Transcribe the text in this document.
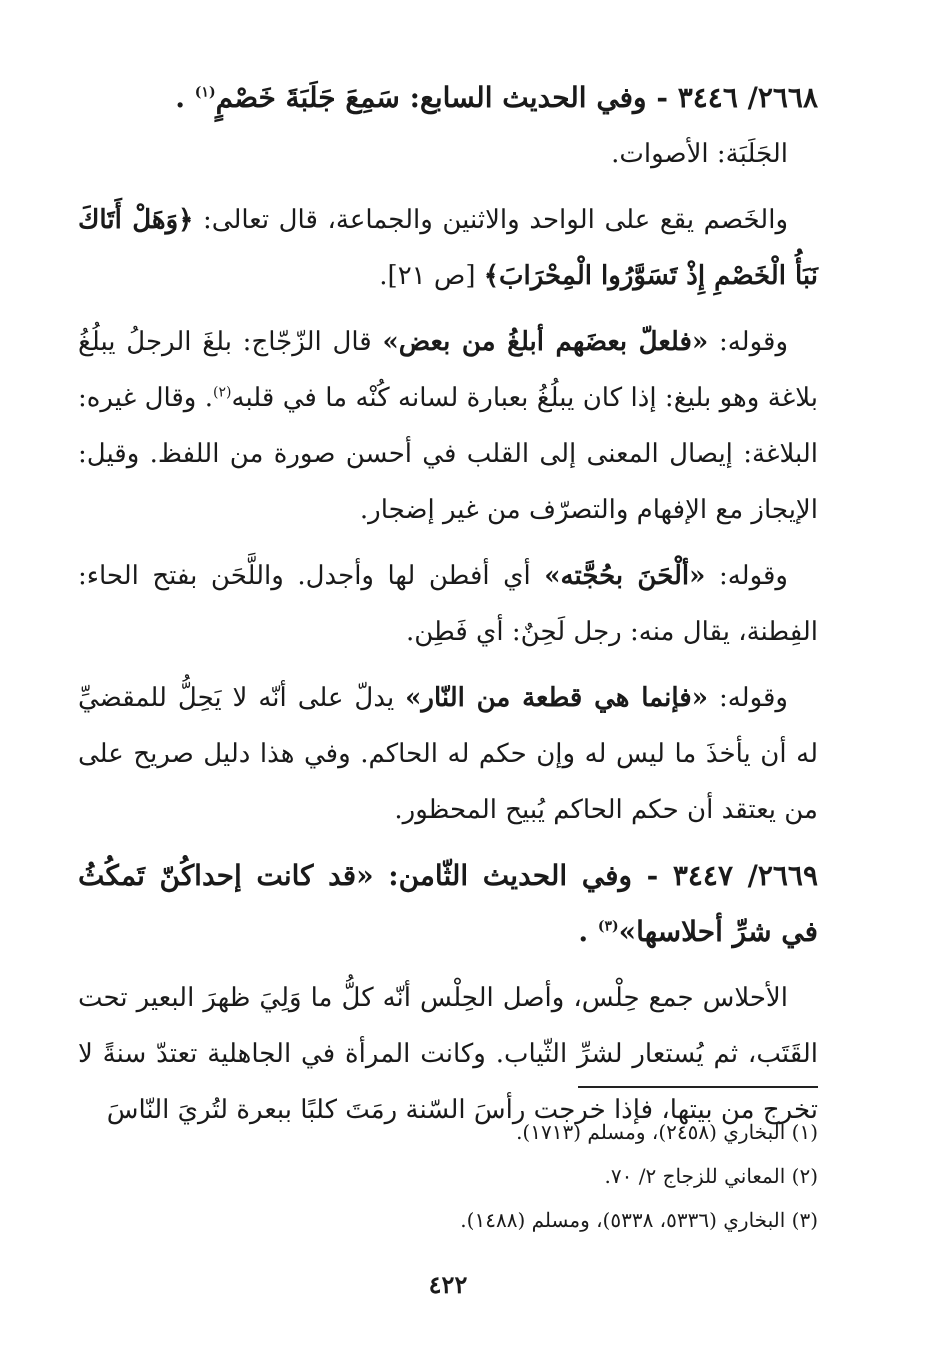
٢٦٦٨/ ٣٤٤٦ - وفي الحديث السابع: سَمِعَ جَلَبَةَ خَصْمٍ$^{(١)}$ .

الجَلَبَة: الأصوات.

والخَصم يقع على الواحد والاثنين والجماعة، قال تعالى: ﴿وَهَلْ أَتَاكَ نَبَأُ الْخَصْمِ إِذْ تَسَوَّرُوا الْمِحْرَابَ﴾ [ص ٢١].

وقوله: «فلعلّ بعضَهم أبلغُ من بعض» قال الزّجّاج: بلغَ الرجلُ يبلُغُ بلاغة وهو بليغ: إذا كان يبلُغُ بعبارة لسانه كُنْه ما في قلبه$^{(٢)}$. وقال غيره: البلاغة: إيصال المعنى إلى القلب في أحسن صورة من اللفظ. وقيل: الإيجاز مع الإفهام والتصرّف من غير إضجار.

وقوله: «ألْحَنَ بحُجَّته» أي أفطن لها وأجدل. واللَّحَن بفتح الحاء: الفِطنة، يقال منه: رجل لَحِنٌ: أي فَطِن.

وقوله: «فإنما هي قطعة من النّار» يدلّ على أنّه لا يَحِلُّ للمقضيِّ له أن يأخذَ ما ليس له وإن حكم له الحاكم. وفي هذا دليل صريح على من يعتقد أن حكم الحاكم يُبيح المحظور.

٢٦٦٩/ ٣٤٤٧ - وفي الحديث الثّامن: «قد كانت إحداكُنّ تَمكُثُ في شرِّ أحلاسها»$^{(٣)}$ .

الأحلاس جمع حِلْس، وأصل الحِلْس أنّه كلُّ ما وَلِيَ ظهرَ البعير تحت القَتَب، ثم يُستعار لشرِّ الثّياب. وكانت المرأة في الجاهلية تعتدّ سنةً لا تخرج من بيتها، فإذا خرجت رأسَ السّنة رمَتَ كلبًا ببعرة لتُريَ النّاسَ

(١) البخاري (٢٤٥٨)، ومسلم (١٧١٣).

(٢) المعاني للزجاج ٢/ ٧٠.

(٣) البخاري (٥٣٣٦، ٥٣٣٨)، ومسلم (١٤٨٨).

٤٢٢
